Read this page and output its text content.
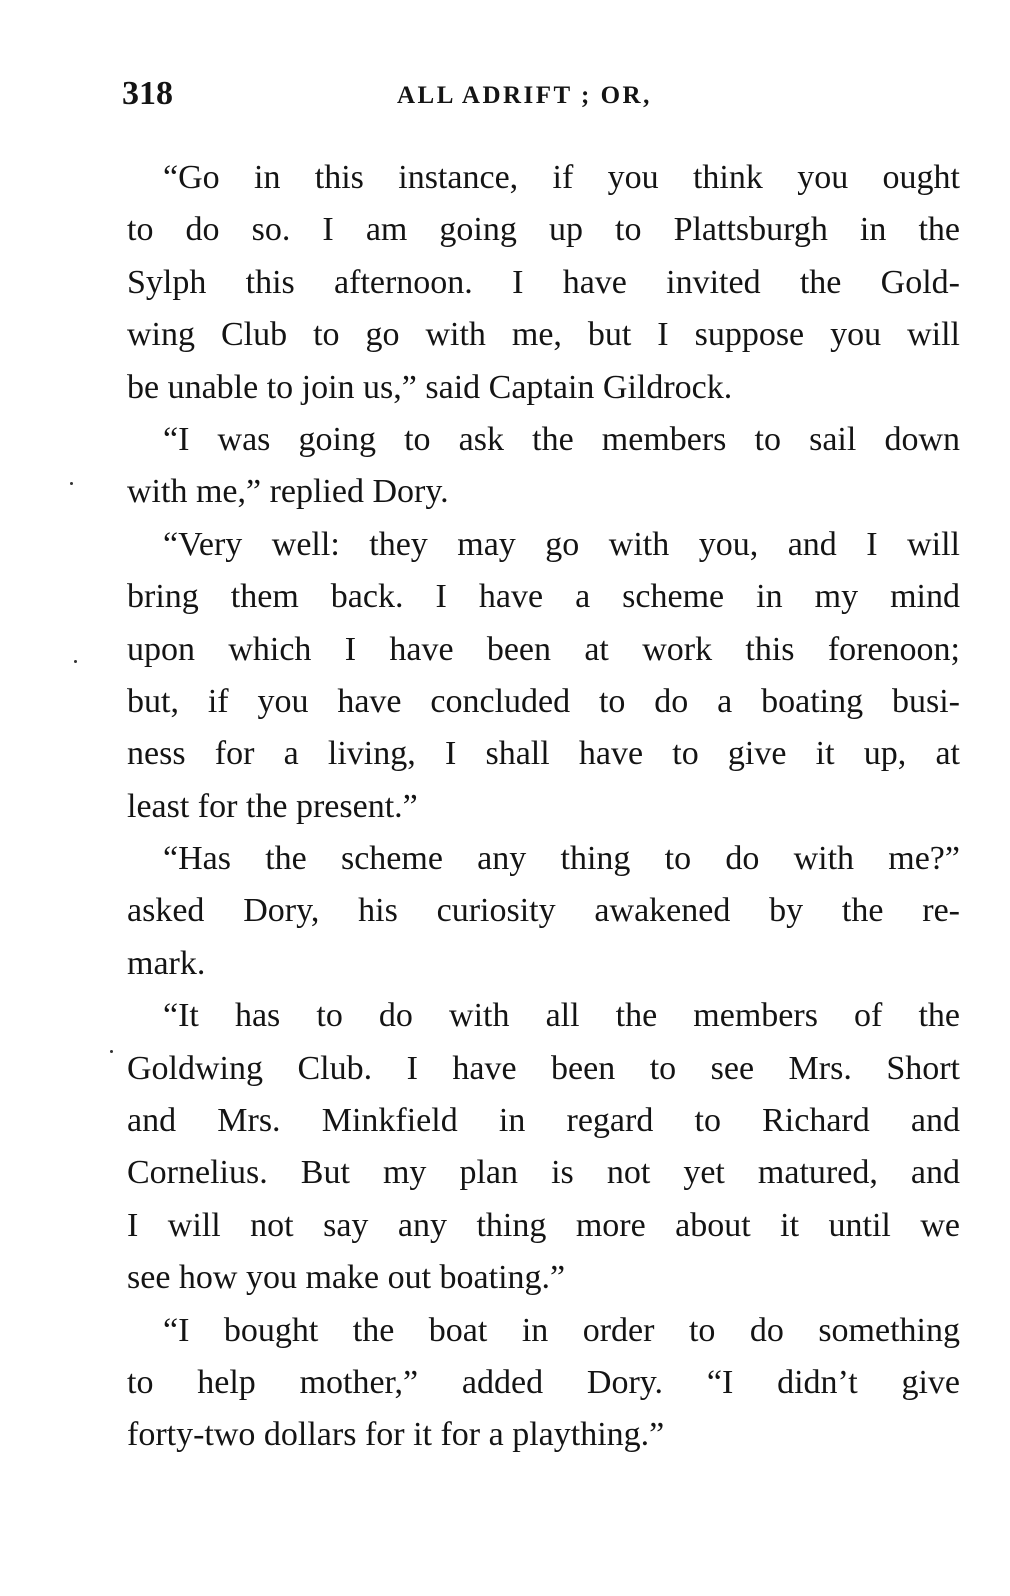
318	ALL ADRIFT ; OR,
“Go in this instance, if you think you ought
to do so. I am going up to Plattsburgh in the
Sylph this afternoon. I have invited the Gold-
wing Club to go with me, but I suppose you will
be unable to join us,” said Captain Gildrock.
“I was going to ask the members to sail down
with me,” replied Dory.
“Very well: they may go with you, and I will
bring them back. I have a scheme in my mind
upon which I have been at work this forenoon;
but, if you have concluded to do a boating busi-
ness for a living, I shall have to give it up, at
least for the present.”
“Has the scheme any thing to do with me?”
asked Dory, his curiosity awakened by the re-
mark.
“It has to do with all the members of the
Goldwing Club. I have been to see Mrs. Short
and Mrs. Minkfield in regard to Richard and
Cornelius. But my plan is not yet matured, and
I will not say any thing more about it until we
see how you make out boating.”
“I bought the boat in order to do something
to help mother,” added Dory. “I didn’t give
forty-two dollars for it for a plaything.”
